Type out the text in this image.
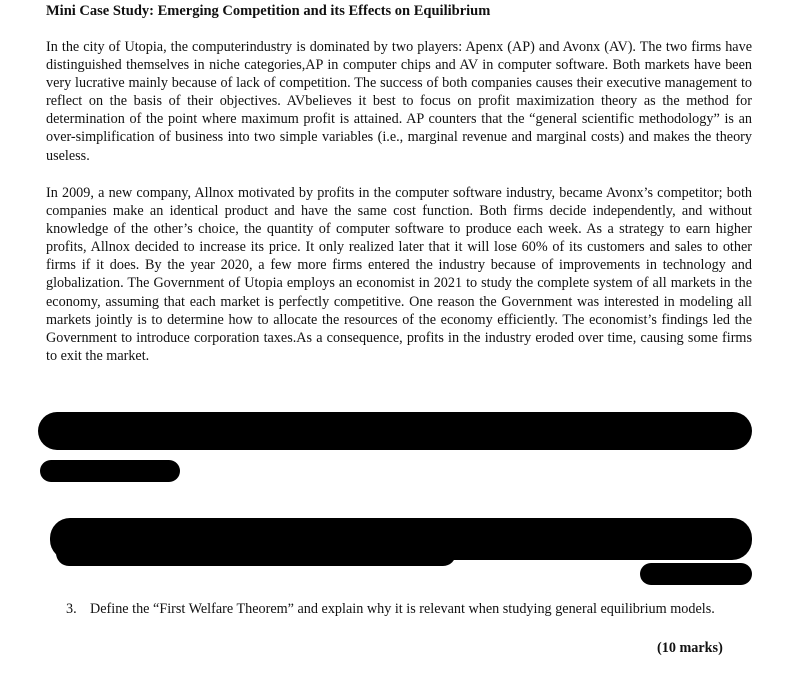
Mini Case Study: Emerging Competition and its Effects on Equilibrium

In the city of Utopia, the computerindustry is dominated by two players: Apenx (AP) and Avonx (AV). The two firms have distinguished themselves in niche categories,AP in computer chips and AV in computer software. Both markets have been very lucrative mainly because of lack of competition. The success of both companies causes their executive management to reflect on the basis of their objectives. AVbelieves it best to focus on profit maximization theory as the method for determination of the point where maximum profit is attained. AP counters that the “general scientific methodology” is an over-simplification of business into two simple variables (i.e., marginal revenue and marginal costs) and makes the theory useless.

In 2009, a new company, Allnox motivated by profits in the computer software industry, became Avonx’s competitor; both companies make an identical product and have the same cost function. Both firms decide independently, and without knowledge of the other’s choice, the quantity of computer software to produce each week. As a strategy to earn higher profits, Allnox decided to increase its price. It only realized later that it will lose 60% of its customers and sales to other firms if it does. By the year 2020, a few more firms entered the industry because of improvements in technology and globalization. The Government of Utopia employs an economist in 2021 to study the complete system of all markets in the economy, assuming that each market is perfectly competitive. One reason the Government was interested in modeling all markets jointly is to determine how to allocate the resources of the economy efficiently. The economist’s findings led the Government to introduce corporation taxes.As a consequence, profits in the industry eroded over time, causing some firms to exit the market.

3. Define the “First Welfare Theorem” and explain why it is relevant when studying general equilibrium models.
(10 marks)
